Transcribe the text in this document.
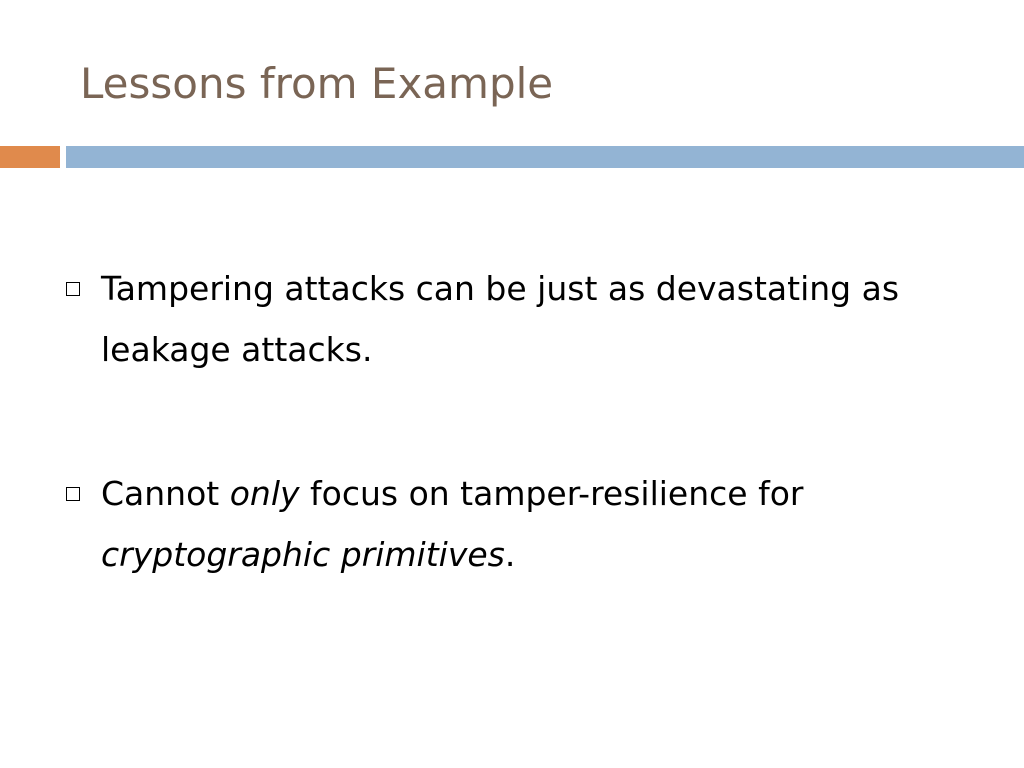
Lessons from Example
Tampering attacks can be just as devastating as leakage attacks.
Cannot only focus on tamper-resilience for cryptographic primitives.
